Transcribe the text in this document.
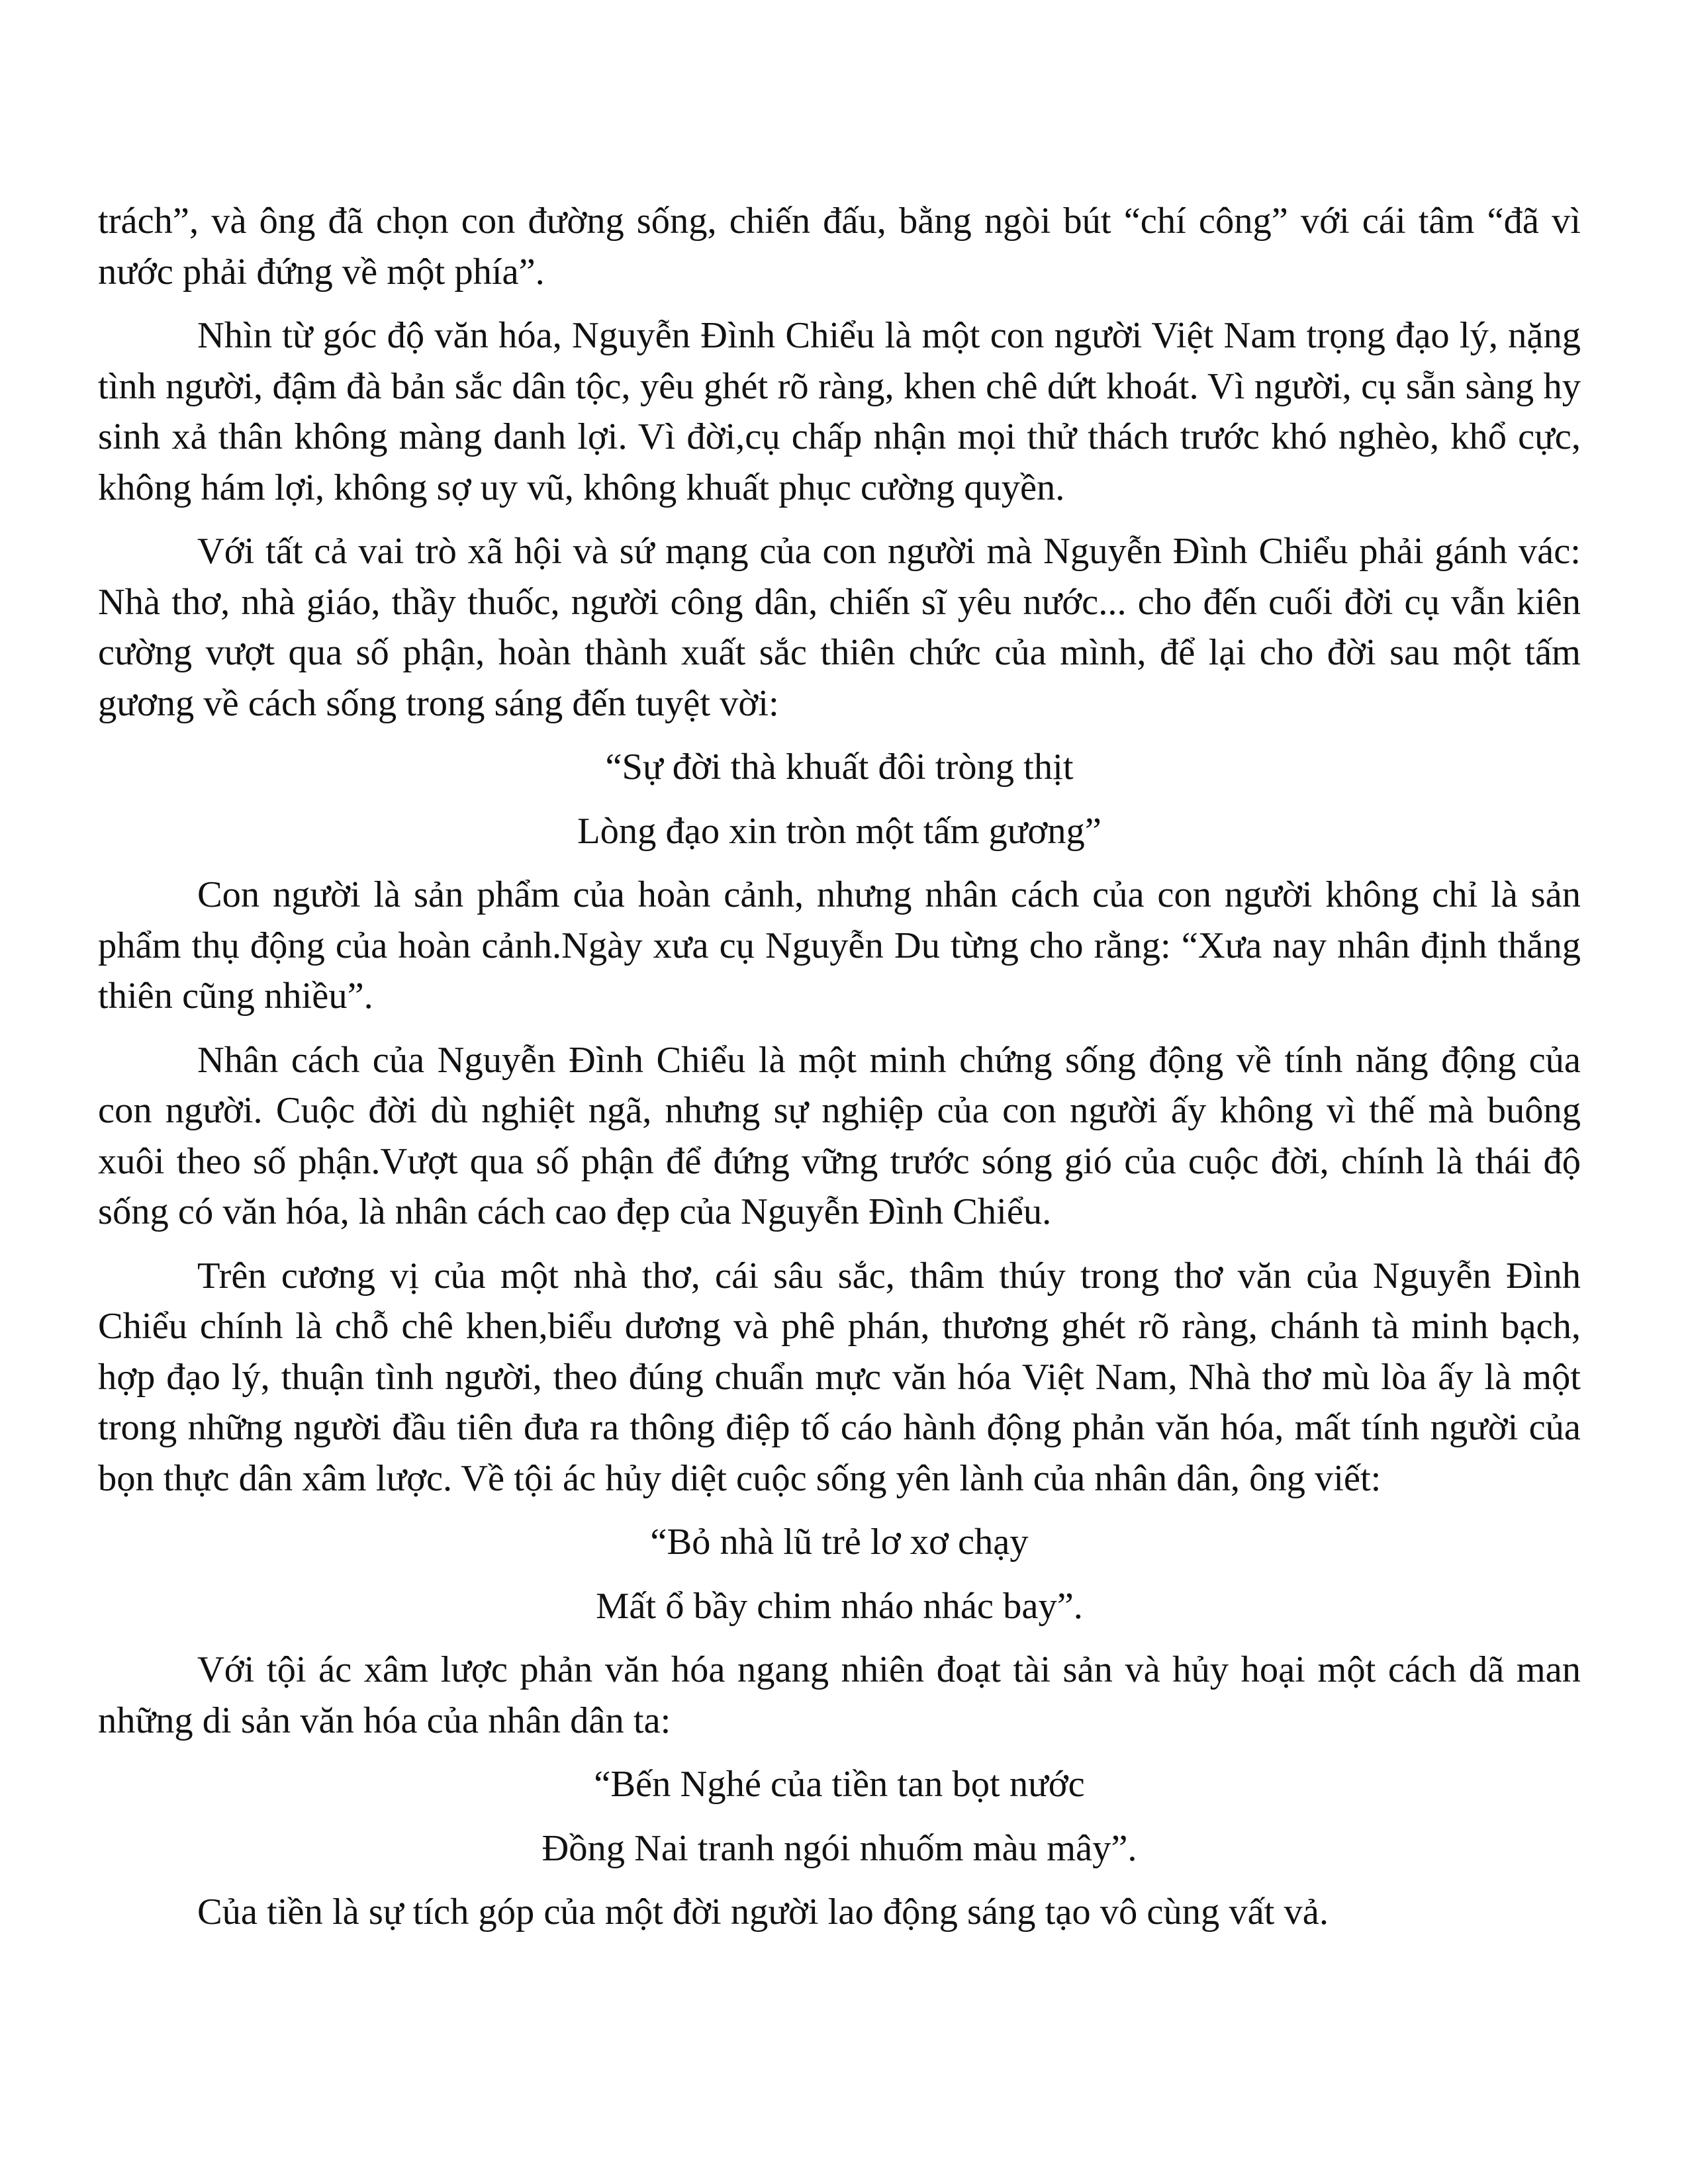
trách”, và ông đã chọn con đường sống, chiến đấu, bằng ngòi bút “chí công” với cái tâm “đã vì nước phải đứng về một phía”.

Nhìn từ góc độ văn hóa, Nguyễn Đình Chiểu là một con người Việt Nam trọng đạo lý, nặng tình người, đậm đà bản sắc dân tộc, yêu ghét rõ ràng, khen chê dứt khoát. Vì người, cụ sẵn sàng hy sinh xả thân không màng danh lợi. Vì đời,cụ chấp nhận mọi thử thách trước khó nghèo, khổ cực, không hám lợi, không sợ uy vũ, không khuất phục cường quyền.

Với tất cả vai trò xã hội và sứ mạng của con người mà Nguyễn Đình Chiểu phải gánh vác: Nhà thơ, nhà giáo, thầy thuốc, người công dân, chiến sĩ yêu nước... cho đến cuối đời cụ vẫn kiên cường vượt qua số phận, hoàn thành xuất sắc thiên chức của mình, để lại cho đời sau một tấm gương về cách sống trong sáng đến tuyệt vời:

“Sự đời thà khuất đôi tròng thịt
Lòng đạo xin tròn một tấm gương”

Con người là sản phẩm của hoàn cảnh, nhưng nhân cách của con người không chỉ là sản phẩm thụ động của hoàn cảnh.Ngày xưa cụ Nguyễn Du từng cho rằng: “Xưa nay nhân định thắng thiên cũng nhiều”.

Nhân cách của Nguyễn Đình Chiểu là một minh chứng sống động về tính năng động của con người. Cuộc đời dù nghiệt ngã, nhưng sự nghiệp của con người ấy không vì thế mà buông xuôi theo số phận.Vượt qua số phận để đứng vững trước sóng gió của cuộc đời, chính là thái độ sống có văn hóa, là nhân cách cao đẹp của Nguyễn Đình Chiểu.

Trên cương vị của một nhà thơ, cái sâu sắc, thâm thúy trong thơ văn của Nguyễn Đình Chiểu chính là chỗ chê khen,biểu dương và phê phán, thương ghét rõ ràng, chánh tà minh bạch, hợp đạo lý, thuận tình người, theo đúng chuẩn mực văn hóa Việt Nam, Nhà thơ mù lòa ấy là một trong những người đầu tiên đưa ra thông điệp tố cáo hành động phản văn hóa, mất tính người của bọn thực dân xâm lược. Về tội ác hủy diệt cuộc sống yên lành của nhân dân, ông viết:

“Bỏ nhà lũ trẻ lơ xơ chạy
Mất ổ bầy chim nháo nhác bay”.

Với tội ác xâm lược phản văn hóa ngang nhiên đoạt tài sản và hủy hoại một cách dã man những di sản văn hóa của nhân dân ta:

“Bến Nghé của tiền tan bọt nước
Đồng Nai tranh ngói nhuốm màu mây”.

Của tiền là sự tích góp của một đời người lao động sáng tạo vô cùng vất vả.
